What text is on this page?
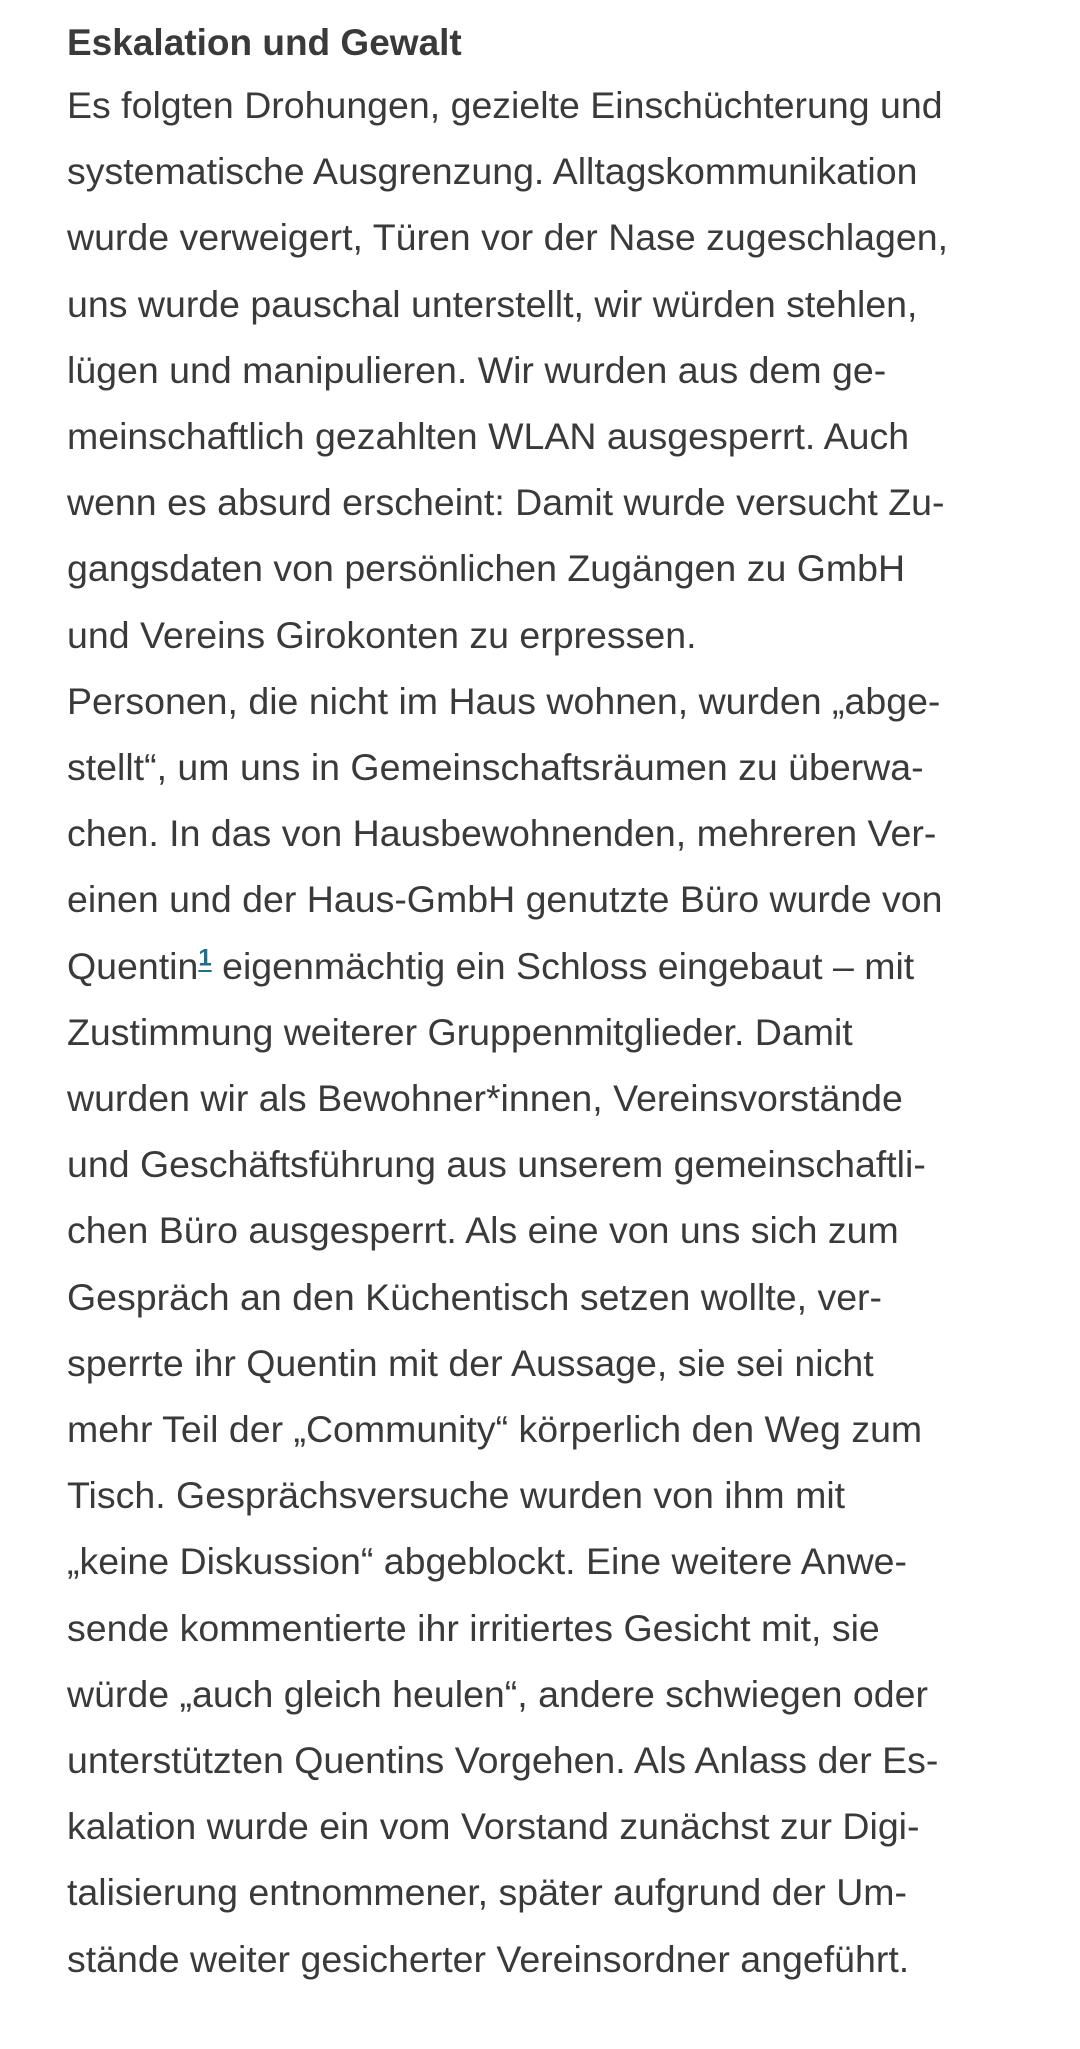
Eskalation und Gewalt

Es folgten Drohungen, gezielte Einschüchterung und
systematische Ausgrenzung. Alltagskommunikation
wurde verweigert, Türen vor der Nase zugeschlagen,
uns wurde pauschal unterstellt, wir würden stehlen,
lügen und manipulieren. Wir wurden aus dem ge-
meinschaftlich gezahlten WLAN ausgesperrt. Auch
wenn es absurd erscheint: Damit wurde versucht Zu-
gangsdaten von persönlichen Zugängen zu GmbH
und Vereins Girokonten zu erpressen.

Personen, die nicht im Haus wohnen, wurden „abge-
stellt“, um uns in Gemeinschaftsräumen zu überwa-
chen. In das von Hausbewohnenden, mehreren Ver-
einen und der Haus-GmbH genutzte Büro wurde von
Quentin$^1$ eigenmächtig ein Schloss eingebaut – mit
Zustimmung weiterer Gruppenmitglieder. Damit
wurden wir als Bewohner*innen, Vereinsvorstände
und Geschäftsführung aus unserem gemeinschaftli-
chen Büro ausgesperrt. Als eine von uns sich zum
Gespräch an den Küchentisch setzen wollte, ver-
sperrte ihr Quentin mit der Aussage, sie sei nicht
mehr Teil der „Community“ körperlich den Weg zum
Tisch. Gesprächsversuche wurden von ihm mit
„keine Diskussion“ abgeblockt. Eine weitere Anwe-
sende kommentierte ihr irritiertes Gesicht mit, sie
würde „auch gleich heulen“, andere schwiegen oder
unterstützten Quentins Vorgehen. Als Anlass der Es-
kalation wurde ein vom Vorstand zunächst zur Digi-
talisierung entnommener, später aufgrund der Um-
stände weiter gesicherter Vereinsordner angeführt.
